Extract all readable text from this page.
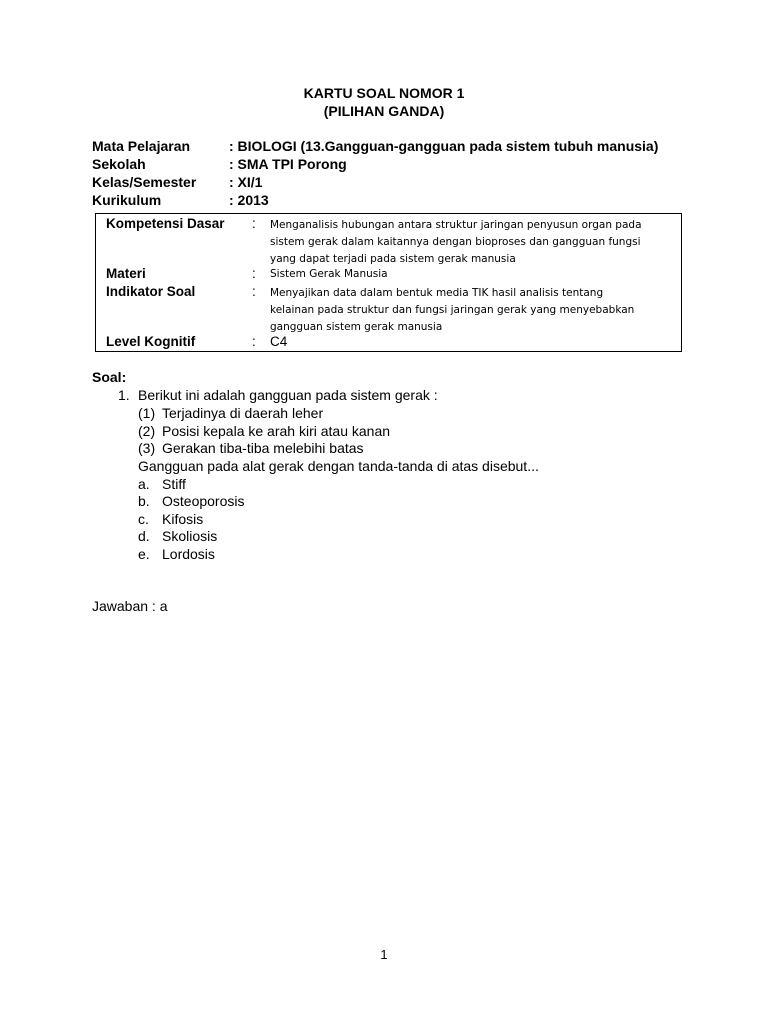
KARTU SOAL NOMOR 1
(PILIHAN GANDA)
Mata Pelajaran	: BIOLOGI (13.Gangguan-gangguan pada sistem tubuh manusia)
Sekolah	: SMA TPI Porong
Kelas/Semester : XI/1
Kurikulum	: 2013
Kompetensi Dasar	: Menganalisis hubungan antara struktur jaringan penyusun organ pada
sistem gerak dalam kaitannya dengan bioproses dan gangguan fungsi
yang dapat terjadi pada sistem gerak manusia
Materi	: Sistem Gerak Manusia
Indikator Soal	: Menyajikan data dalam bentuk media TIK hasil analisis tentang
kelainan pada struktur dan fungsi jaringan gerak yang menyebabkan
gangguan sistem gerak manusia
Level Kognitif	: C4
Soal:
1. Berikut ini adalah gangguan pada sistem gerak :
(1) Terjadinya di daerah leher
(2) Posisi kepala ke arah kiri atau kanan
(3) Gerakan tiba-tiba melebihi batas
Gangguan pada alat gerak dengan tanda-tanda di atas disebut...
a. Stiff
b. Osteoporosis
c. Kifosis
d. Skoliosis
e. Lordosis
Jawaban : a
1
